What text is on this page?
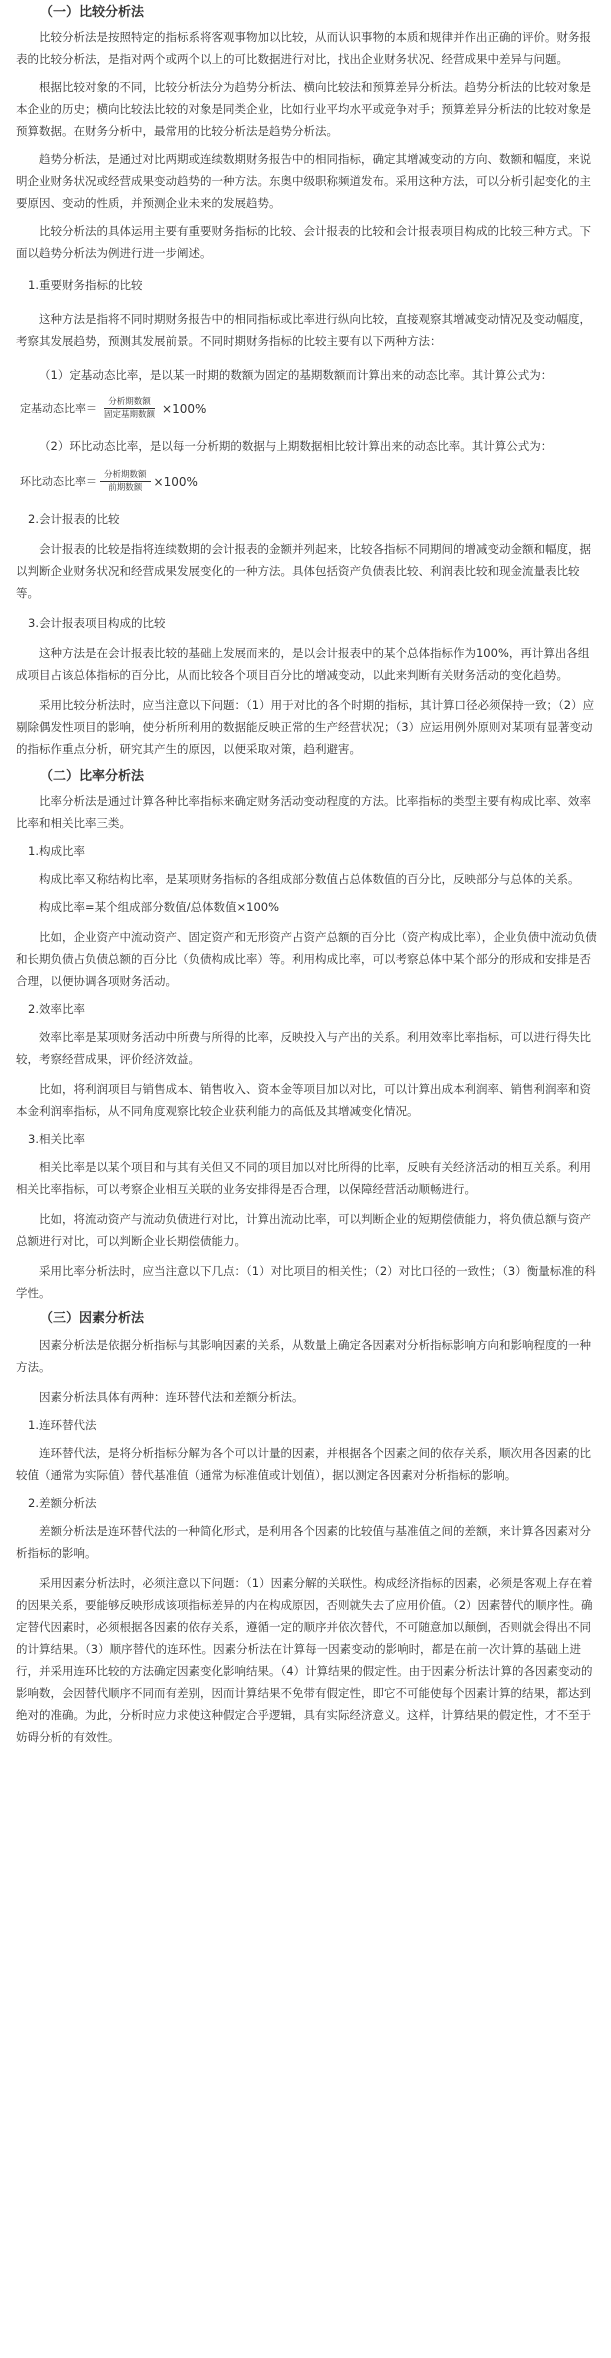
（一）比较分析法

比较分析法是按照特定的指标系将客观事物加以比较，从而认识事物的本质和规律并作出正确的评价。财务报表的比较分析法，是指对两个或两个以上的可比数据进行对比，找出企业财务状况、经营成果中差异与问题。

根据比较对象的不同，比较分析法分为趋势分析法、横向比较法和预算差异分析法。趋势分析法的比较对象是本企业的历史；横向比较法比较的对象是同类企业，比如行业平均水平或竞争对手；预算差异分析法的比较对象是预算数据。在财务分析中，最常用的比较分析法是趋势分析法。

趋势分析法，是通过对比两期或连续数期财务报告中的相同指标，确定其增减变动的方向、数额和幅度，来说明企业财务状况或经营成果变动趋势的一种方法。东奥中级职称频道发布。采用这种方法，可以分析引起变化的主要原因、变动的性质，并预测企业未来的发展趋势。

比较分析法的具体运用主要有重要财务指标的比较、会计报表的比较和会计报表项目构成的比较三种方式。下面以趋势分析法为例进行进一步阐述。

1.重要财务指标的比较

这种方法是指将不同时期财务报告中的相同指标或比率进行纵向比较，直接观察其增减变动情况及变动幅度，考察其发展趋势，预测其发展前景。不同时期财务指标的比较主要有以下两种方法：

（1）定基动态比率，是以某一时期的数额为固定的基期数额而计算出来的动态比率。其计算公式为：

定基动态比率＝ $\frac{\text{分析期数额}}{\text{固定基期数额}} \times 100\%$

（2）环比动态比率，是以每一分析期的数据与上期数据相比较计算出来的动态比率。其计算公式为：

环比动态比率＝ $\frac{\text{分析期数额}}{\text{前期数额}} \times 100\%$
2.会计报表的比较

会计报表的比较是指将连续数期的会计报表的金额并列起来，比较各指标不同期间的增减变动金额和幅度，据以判断企业财务状况和经营成果发展变化的一种方法。具体包括资产负债表比较、利润表比较和现金流量表比较等。

3.会计报表项目构成的比较

这种方法是在会计报表比较的基础上发展而来的，是以会计报表中的某个总体指标作为100%，再计算出各组成项目占该总体指标的百分比，从而比较各个项目百分比的增减变动，以此来判断有关财务活动的变化趋势。

采用比较分析法时，应当注意以下问题：（1）用于对比的各个时期的指标，其计算口径必须保持一致；（2）应剔除偶发性项目的影响，使分析所利用的数据能反映正常的生产经营状况；（3）应运用例外原则对某项有显著变动的指标作重点分析，研究其产生的原因，以便采取对策，趋利避害。

（二）比率分析法

比率分析法是通过计算各种比率指标来确定财务活动变动程度的方法。比率指标的类型主要有构成比率、效率比率和相关比率三类。

1.构成比率

构成比率又称结构比率，是某项财务指标的各组成部分数值占总体数值的百分比，反映部分与总体的关系。

构成比率=某个组成部分数值/总体数值×100%

比如，企业资产中流动资产、固定资产和无形资产占资产总额的百分比（资产构成比率），企业负债中流动负债和长期负债占负债总额的百分比（负债构成比率）等。利用构成比率，可以考察总体中某个部分的形成和安排是否合理，以便协调各项财务活动。

2.效率比率

效率比率是某项财务活动中所费与所得的比率，反映投入与产出的关系。利用效率比率指标，可以进行得失比较，考察经营成果，评价经济效益。

比如，将利润项目与销售成本、销售收入、资本金等项目加以对比，可以计算出成本利润率、销售利润率和资本金利润率指标，从不同角度观察比较企业获利能力的高低及其增减变化情况。

3.相关比率

相关比率是以某个项目和与其有关但又不同的项目加以对比所得的比率，反映有关经济活动的相互关系。利用相关比率指标，可以考察企业相互关联的业务安排得是否合理，以保障经营活动顺畅进行。

比如，将流动资产与流动负债进行对比，计算出流动比率，可以判断企业的短期偿债能力，将负债总额与资产总额进行对比，可以判断企业长期偿债能力。

采用比率分析法时，应当注意以下几点：（1）对比项目的相关性；（2）对比口径的一致性；（3）衡量标准的科学性。

（三）因素分析法

因素分析法是依据分析指标与其影响因素的关系，从数量上确定各因素对分析指标影响方向和影响程度的一种方法。

因素分析法具体有两种：连环替代法和差额分析法。

1.连环替代法

连环替代法，是将分析指标分解为各个可以计量的因素，并根据各个因素之间的依存关系，顺次用各因素的比较值（通常为实际值）替代基准值（通常为标准值或计划值），据以测定各因素对分析指标的影响。

2.差额分析法

差额分析法是连环替代法的一种简化形式，是利用各个因素的比较值与基准值之间的差额，来计算各因素对分析指标的影响。

采用因素分析法时，必须注意以下问题：（1）因素分解的关联性。构成经济指标的因素，必须是客观上存在着的因果关系，要能够反映形成该项指标差异的内在构成原因，否则就失去了应用价值。（2）因素替代的顺序性。确定替代因素时，必须根据各因素的依存关系，遵循一定的顺序并依次替代，不可随意加以颠倒，否则就会得出不同的计算结果。（3）顺序替代的连环性。因素分析法在计算每一因素变动的影响时，都是在前一次计算的基础上进行，并采用连环比较的方法确定因素变化影响结果。（4）计算结果的假定性。由于因素分析法计算的各因素变动的影响数，会因替代顺序不同而有差别，因而计算结果不免带有假定性，即它不可能使每个因素计算的结果，都达到绝对的准确。为此，分析时应力求使这种假定合乎逻辑，具有实际经济意义。这样，计算结果的假定性，才不至于妨碍分析的有效性。
